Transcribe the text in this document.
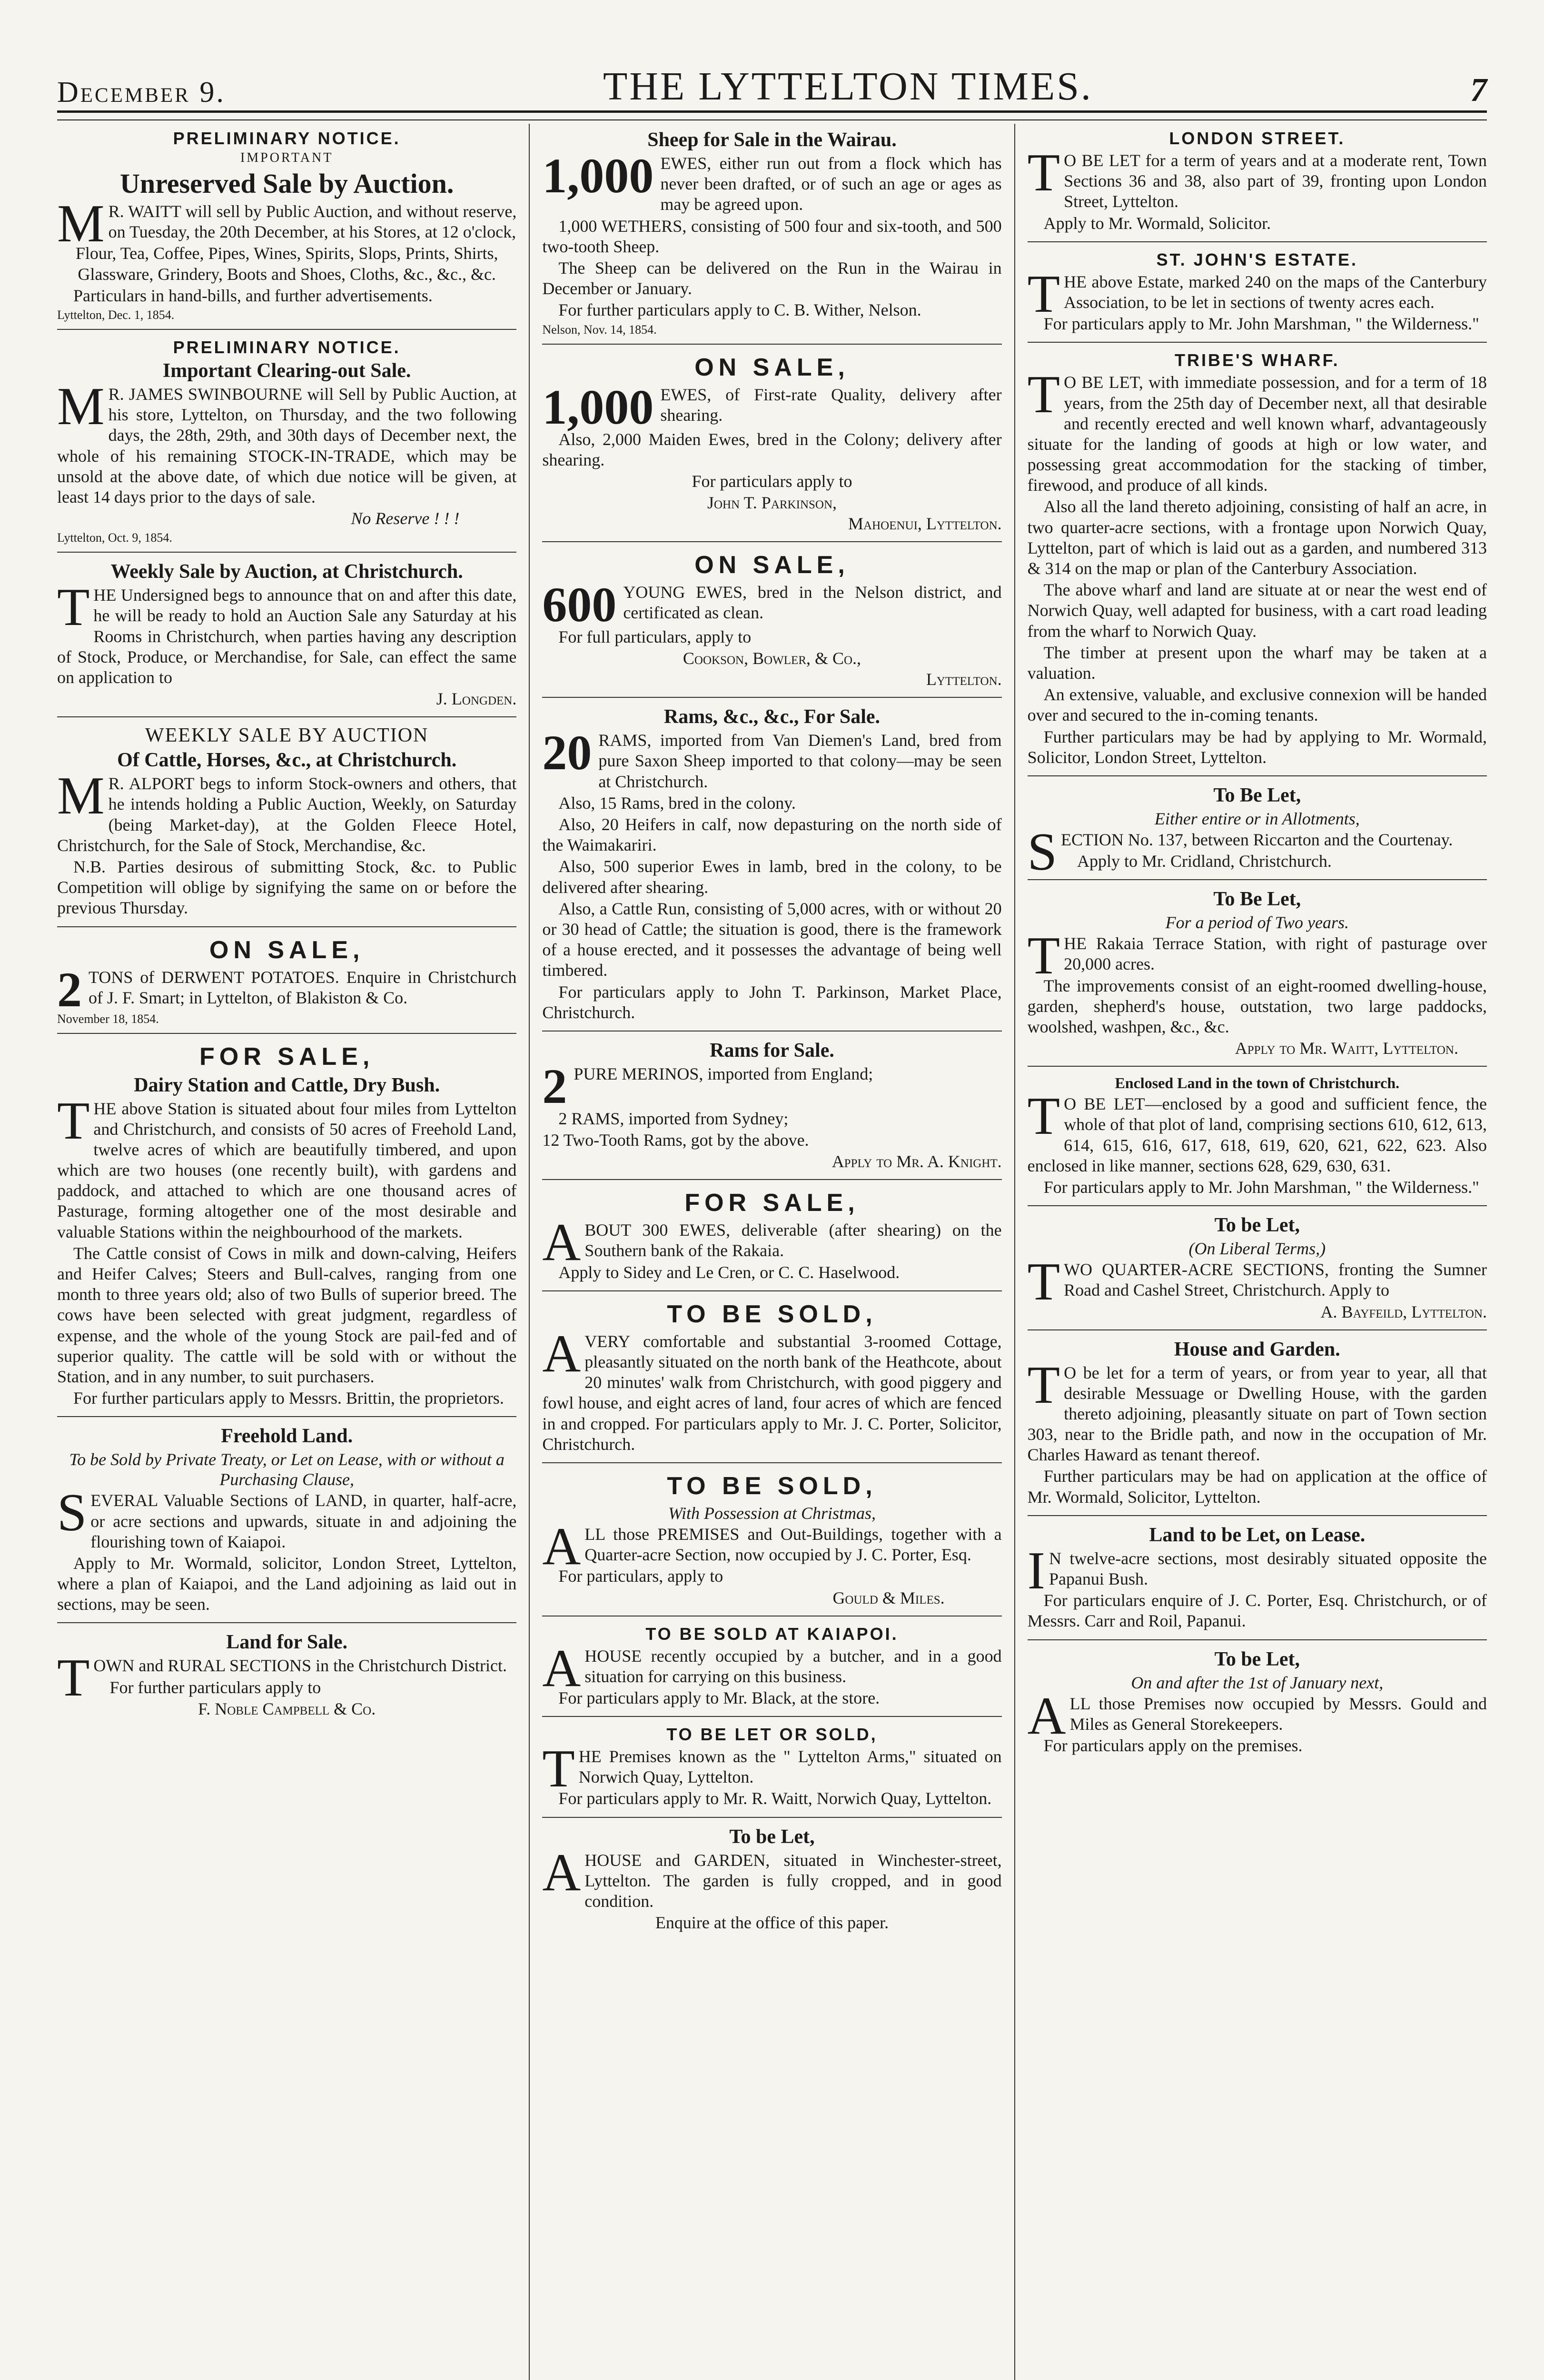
December 9.	THE LYTTELTON TIMES.	7
PRELIMINARY NOTICE.
IMPORTANT
Unreserved Sale by Auction.

M R. WAITT will sell by Public Auction, and without reserve, on Tuesday, the 20th December, at his Stores, at 12 o'clock,

Flour, Tea, Coffee, Pipes, Wines, Spirits, Slops, Prints, Shirts, Glassware, Grindery, Boots and Shoes, Cloths, &c., &c., &c.

Particulars in hand-bills, and further advertisements.

Lyttelton, Dec. 1, 1854.
PRELIMINARY NOTICE.
Important Clearing-out Sale.

M R. JAMES SWINBOURNE will Sell by Public Auction, at his store, Lyttelton, on Thursday, and the two following days, the 28th, 29th, and 30th days of December next, the whole of his remaining STOCK-IN-TRADE, which may be unsold at the above date, of which due notice will be given, at least 14 days prior to the days of sale.

No Reserve ! ! !

Lyttelton, Oct. 9, 1854.
Weekly Sale by Auction, at Christchurch.

THE Undersigned begs to announce that on and after this date, he will be ready to hold an Auction Sale any Saturday at his Rooms in Christchurch, when parties having any description of Stock, Produce, or Merchandise, for Sale, can effect the same on application to

J. Longden.
WEEKLY SALE BY AUCTION
Of Cattle, Horses, &c., at Christchurch.

M R. ALPORT begs to inform Stock-owners and others, that he intends holding a Public Auction, Weekly, on Saturday (being Market-day), at the Golden Fleece Hotel, Christchurch, for the Sale of Stock, Merchandise, &c.

N.B. Parties desirous of submitting Stock, &c. to Public Competition will oblige by signifying the same on or before the previous Thursday.

ON SALE,

2 TONS of DERWENT POTATOES. Enquire in Christchurch of J. F. Smart; in Lyttelton, of Blakiston & Co.

November 18, 1854.
FOR SALE,
Dairy Station and Cattle, Dry Bush.

THE above Station is situated about four miles from Lyttelton and Christchurch, and consists of 50 acres of Freehold Land, twelve acres of which are beautifully timbered, and upon which are two houses (one recently built), with gardens and paddock, and attached to which are one thousand acres of Pasturage, forming altogether one of the most desirable and valuable Stations within the neighbourhood of the markets.

The Cattle consist of Cows in milk and down-calving, Heifers and Heifer Calves; Steers and Bull-calves, ranging from one month to three years old; also of two Bulls of superior breed. The cows have been selected with great judgment, regardless of expense, and the whole of the young Stock are pail-fed and of superior quality. The cattle will be sold with or without the Station, and in any number, to suit purchasers.

For further particulars apply to Messrs. Brittin, the proprietors.

Freehold Land.
To be Sold by Private Treaty, or Let on Lease, with or without a Purchasing Clause,

SEVERAL Valuable Sections of LAND, in quarter, half-acre, or acre sections and upwards, situate in and adjoining the flourishing town of Kaiapoi.

Apply to Mr. Wormald, solicitor, London Street, Lyttelton, where a plan of Kaiapoi, and the Land adjoining as laid out in sections, may be seen.

Land for Sale.

TOWN and RURAL SECTIONS in the Christchurch District.

For further particulars apply to

F. Noble Campbell & Co.
Sheep for Sale in the Wairau.

1,000 EWES, either run out from a flock which has never been drafted, or of such an age or ages as may be agreed upon.

1,000 WETHERS, consisting of 500 four and six-tooth, and 500 two-tooth Sheep.

The Sheep can be delivered on the Run in the Wairau in December or January.

For further particulars apply to C. B. Wither, Nelson.

Nelson, Nov. 14, 1854.
ON SALE,

1,000 EWES, of First-rate Quality, delivery after shearing.

Also, 2,000 Maiden Ewes, bred in the Colony; delivery after shearing.

For particulars apply to

John T. Parkinson,
Mahoenui, Lyttelton.
ON SALE,

600 YOUNG EWES, bred in the Nelson district, and certificated as clean.

For full particulars, apply to

Cookson, Bowler, & Co.,
Lyttelton.
Rams, &c., &c., For Sale.

20 RAMS, imported from Van Diemen's Land, bred from pure Saxon Sheep imported to that colony—may be seen at Christchurch.

Also, 15 Rams, bred in the colony.

Also, 20 Heifers in calf, now depasturing on the north side of the Waimakariri.

Also, 500 superior Ewes in lamb, bred in the colony, to be delivered after shearing.

Also, a Cattle Run, consisting of 5,000 acres, with or without 20 or 30 head of Cattle; the situation is good, there is the framework of a house erected, and it possesses the advantage of being well timbered.

For particulars apply to John T. Parkinson, Market Place, Christchurch.

Rams for Sale.

2 PURE MERINOS, imported from England;

2 RAMS, imported from Sydney;

12 Two-Tooth Rams, got by the above.

Apply to Mr. A. Knight.
FOR SALE,

ABOUT 300 EWES, deliverable (after shearing) on the Southern bank of the Rakaia.

Apply to Sidey and Le Cren, or C. C. Haselwood.

TO BE SOLD,

AVERY comfortable and substantial 3-roomed Cottage, pleasantly situated on the north bank of the Heathcote, about 20 minutes' walk from Christchurch, with good piggery and fowl house, and eight acres of land, four acres of which are fenced in and cropped. For particulars apply to Mr. J. C. Porter, Solicitor, Christchurch.

TO BE SOLD,
With Possession at Christmas,

ALL those PREMISES and Out-Buildings, together with a Quarter-acre Section, now occupied by J. C. Porter, Esq.

For particulars, apply to

Gould & Miles.
TO BE SOLD AT KAIAPOI.

AHOUSE recently occupied by a butcher, and in a good situation for carrying on this business.

For particulars apply to Mr. Black, at the store.

TO BE LET OR SOLD,

THE Premises known as the " Lyttelton Arms," situated on Norwich Quay, Lyttelton.

For particulars apply to Mr. R. Waitt, Norwich Quay, Lyttelton.

To be Let,

AHOUSE and GARDEN, situated in Winchester-street, Lyttelton. The garden is fully cropped, and in good condition.

Enquire at the office of this paper.

LONDON STREET.

T O BE LET for a term of years and at a moderate rent, Town Sections 36 and 38, also part of 39, fronting upon London Street, Lyttelton.

Apply to Mr. Wormald, Solicitor.

ST. JOHN'S ESTATE.

THE above Estate, marked 240 on the maps of the Canterbury Association, to be let in sections of twenty acres each.

For particulars apply to Mr. John Marshman, " the Wilderness."

TRIBE'S WHARF.

T O BE LET, with immediate possession, and for a term of 18 years, from the 25th day of December next, all that desirable and recently erected and well known wharf, advantageously situate for the landing of goods at high or low water, and possessing great accommodation for the stacking of timber, firewood, and produce of all kinds.

Also all the land thereto adjoining, consisting of half an acre, in two quarter-acre sections, with a frontage upon Norwich Quay, Lyttelton, part of which is laid out as a garden, and numbered 313 & 314 on the map or plan of the Canterbury Association.

The above wharf and land are situate at or near the west end of Norwich Quay, well adapted for business, with a cart road leading from the wharf to Norwich Quay.

The timber at present upon the wharf may be taken at a valuation.

An extensive, valuable, and exclusive connexion will be handed over and secured to the in-coming tenants.

Further particulars may be had by applying to Mr. Wormald, Solicitor, London Street, Lyttelton.

To Be Let,
Either entire or in Allotments,

SECTION No. 137, between Riccarton and the Courtenay.

Apply to Mr. Cridland, Christchurch.

To Be Let,
For a period of Two years.

THE Rakaia Terrace Station, with right of pasturage over 20,000 acres.

The improvements consist of an eight-roomed dwelling-house, garden, shepherd's house, outstation, two large paddocks, woolshed, washpen, &c., &c.

Apply to Mr. Waitt, Lyttelton.
Enclosed Land in the town of Christchurch.

T O BE LET—enclosed by a good and sufficient fence, the whole of that plot of land, comprising sections 610, 612, 613, 614, 615, 616, 617, 618, 619, 620, 621, 622, 623. Also enclosed in like manner, sections 628, 629, 630, 631.

For particulars apply to Mr. John Marshman, " the Wilderness."

To be Let,
(On Liberal Terms,)

TWO QUARTER-ACRE SECTIONS, fronting the Sumner Road and Cashel Street, Christchurch. Apply to

A. Bayfeild, Lyttelton.
House and Garden.

T O be let for a term of years, or from year to year, all that desirable Messuage or Dwelling House, with the garden thereto adjoining, pleasantly situate on part of Town section 303, near to the Bridle path, and now in the occupation of Mr. Charles Haward as tenant thereof.

Further particulars may be had on application at the office of Mr. Wormald, Solicitor, Lyttelton.

Land to be Let, on Lease.

I N twelve-acre sections, most desirably situated opposite the Papanui Bush.

For particulars enquire of J. C. Porter, Esq. Christchurch, or of Messrs. Carr and Roil, Papanui.

To be Let,
On and after the 1st of January next,

ALL those Premises now occupied by Messrs. Gould and Miles as General Storekeepers.

For particulars apply on the premises.
